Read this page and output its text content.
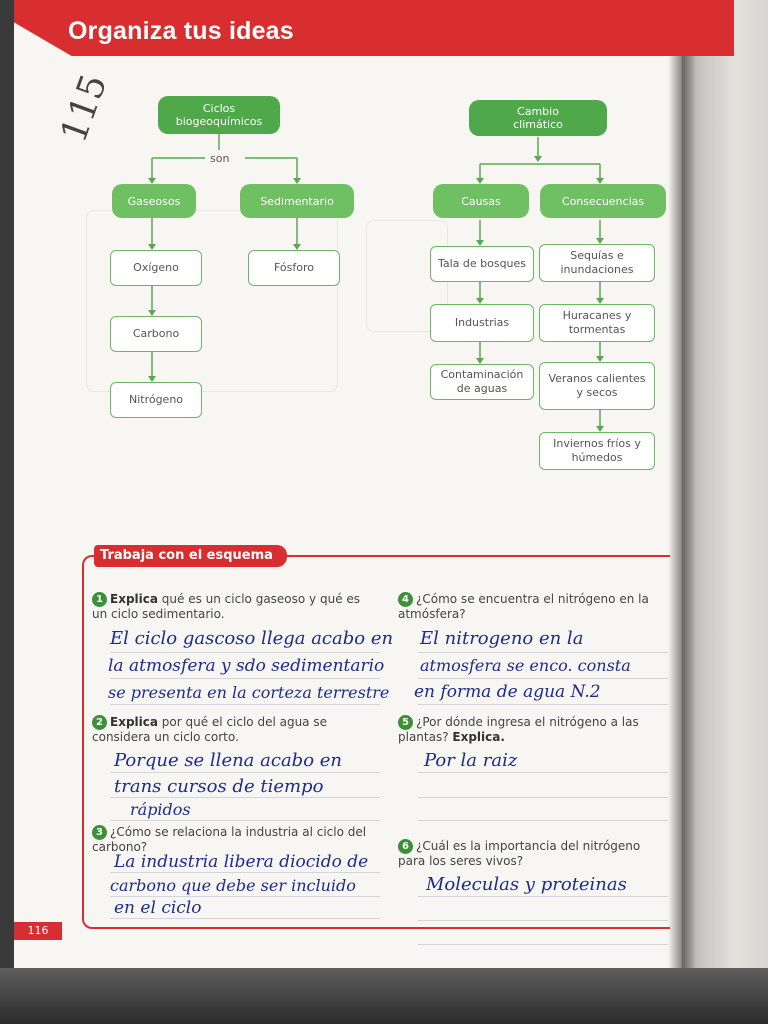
Organiza tus ideas
115	Ciclos biogeoquímicos
son
Gaseosos	Sedimentario
Oxígeno	Fósforo
Carbono
Nitrógeno
Cambio climático
Causas	Consecuencias
Tala de bosques
Sequías e inundaciones
Industrias
Huracanes y tormentas
Contaminación de aguas
Veranos calientes y secos
Inviernos fríos y húmedos
Trabaja con el esquema
1 Explica qué es un ciclo gaseoso y qué es un ciclo sedimentario.
El ciclo gascoso llega acabo en
la atmosfera y sdo sedimentario
se presenta en la corteza terrestre
2 Explica por qué el ciclo del agua se considera un ciclo corto.
Porque se llena acabo en
trans cursos de tiempo
rápidos
3 ¿Cómo se relaciona la industria al ciclo del carbono?
La industria libera diocido de
carbono que debe ser incluido
en el ciclo
4 ¿Cómo se encuentra el nitrógeno en la atmósfera?
El nitrogeno en la
atmosfera se enco. consta
en forma de agua N.2
5 ¿Por dónde ingresa el nitrógeno a las plantas? Explica.
Por la raiz
6 ¿Cuál es la importancia del nitrógeno para los seres vivos?
Moleculas y proteinas
116
